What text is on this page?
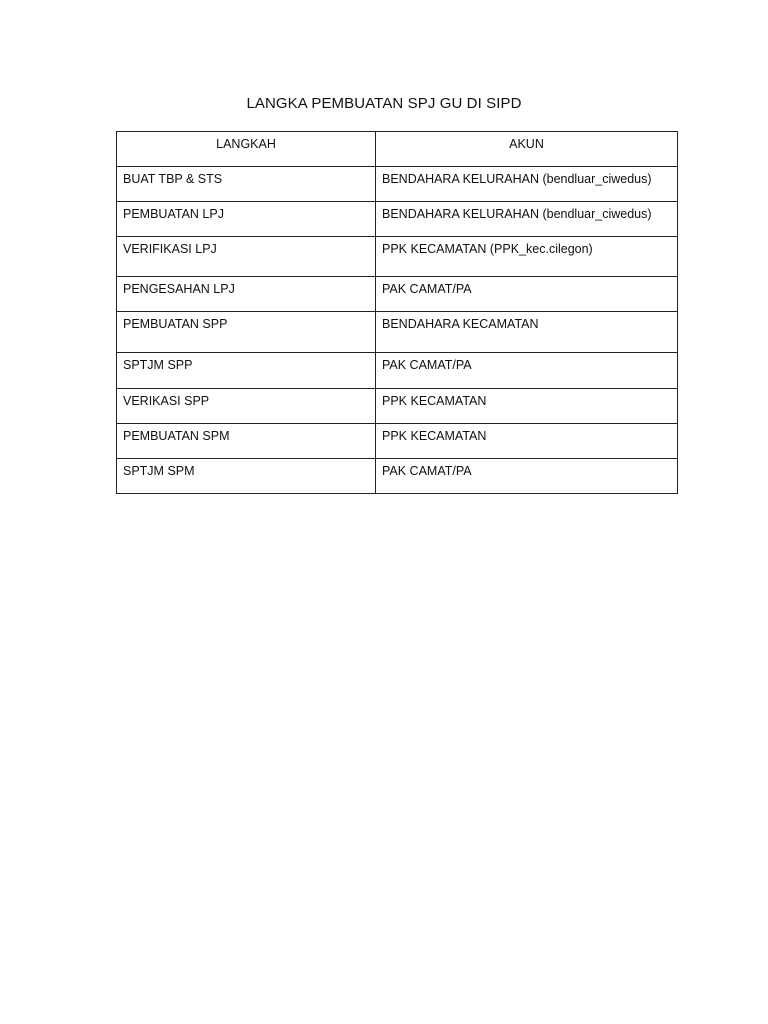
LANGKA PEMBUATAN SPJ GU DI SIPD
LANGKAH	AKUN
BUAT TBP & STS	BENDAHARA KELURAHAN (bendluar_ciwedus)
PEMBUATAN LPJ	BENDAHARA KELURAHAN (bendluar_ciwedus)
VERIFIKASI LPJ	PPK KECAMATAN (PPK_kec.cilegon)
PENGESAHAN LPJ	PAK CAMAT/PA
PEMBUATAN SPP	BENDAHARA KECAMATAN
SPTJM SPP	PAK CAMAT/PA
VERIKASI SPP	PPK KECAMATAN
PEMBUATAN SPM	PPK KECAMATAN
SPTJM SPM	PAK CAMAT/PA
